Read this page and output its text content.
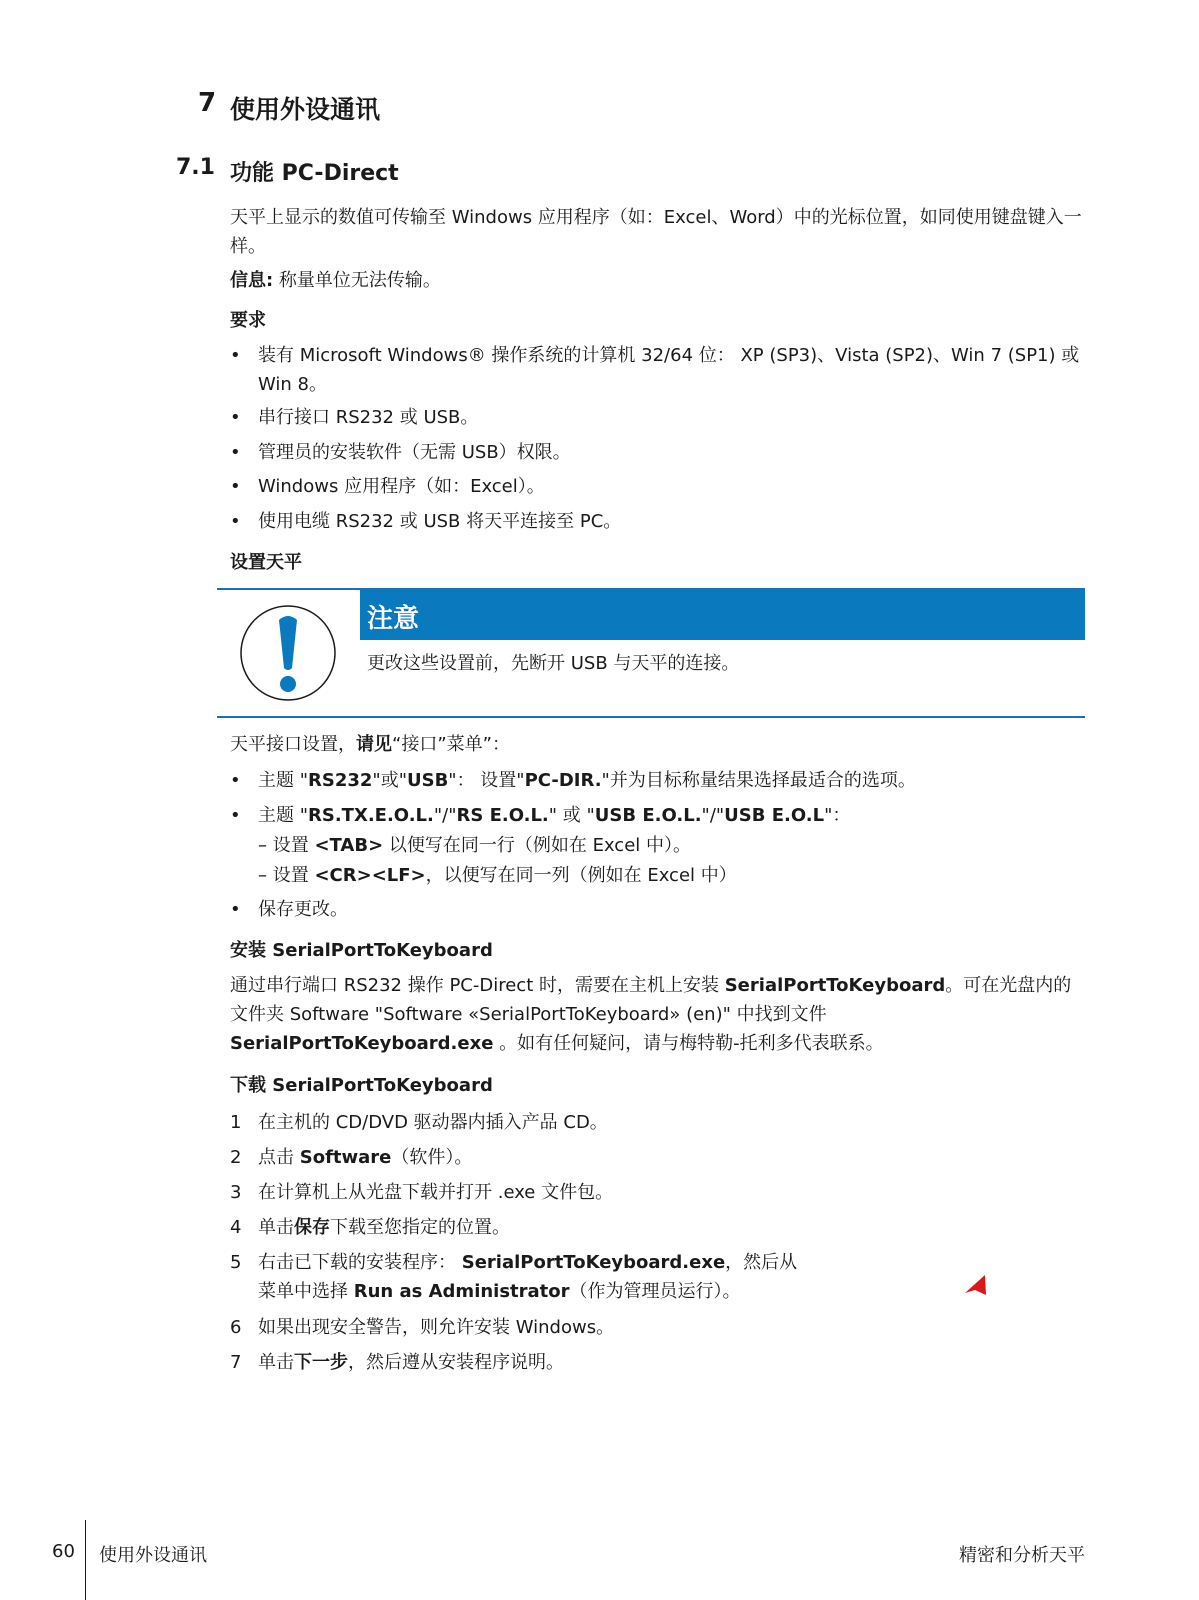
7 使用外设通讯
7.1 功能 PC-Direct
天平上显示的数值可传输至 Windows 应用程序（如：Excel、Word）中的光标位置，如同使用键盘键入一样。
信息: 称量单位无法传输。
要求
• 装有 Microsoft Windows® 操作系统的计算机 32/64 位： XP (SP3)、Vista (SP2)、Win 7 (SP1) 或 Win 8。
• 串行接口 RS232 或 USB。
• 管理员的安装软件（无需 USB）权限。
• Windows 应用程序（如：Excel）。
• 使用电缆 RS232 或 USB 将天平连接至 PC。
设置天平
注意
更改这些设置前，先断开 USB 与天平的连接。
天平接口设置，请见“接口”菜单”：
• 主题 "RS232"或"USB"： 设置"PC-DIR."并为目标称量结果选择最适合的选项。
• 主题 "RS.TX.E.O.L."/"RS E.O.L." 或 "USB E.O.L."/"USB E.O.L"：
– 设置 <TAB> 以便写在同一行（例如在 Excel 中）。
– 设置 <CR><LF>，以便写在同一列（例如在 Excel 中）
• 保存更改。
安装 SerialPortToKeyboard
通过串行端口 RS232 操作 PC-Direct 时，需要在主机上安装 SerialPortToKeyboard。可在光盘内的文件夹 Software "Software «SerialPortToKeyboard» (en)" 中找到文件 SerialPortToKeyboard.exe 。如有任何疑问，请与梅特勒-托利多代表联系。
下载 SerialPortToKeyboard
1 在主机的 CD/DVD 驱动器内插入产品 CD。
2 点击 Software（软件）。
3 在计算机上从光盘下载并打开 .exe 文件包。
4 单击保存下载至您指定的位置。
5 右击已下载的安装程序： SerialPortToKeyboard.exe，然后从
菜单中选择 Run as Administrator（作为管理员运行）。
6 如果出现安全警告，则允许安装 Windows。
7 单击下一步，然后遵从安装程序说明。
60 使用外设通讯	精密和分析天平
